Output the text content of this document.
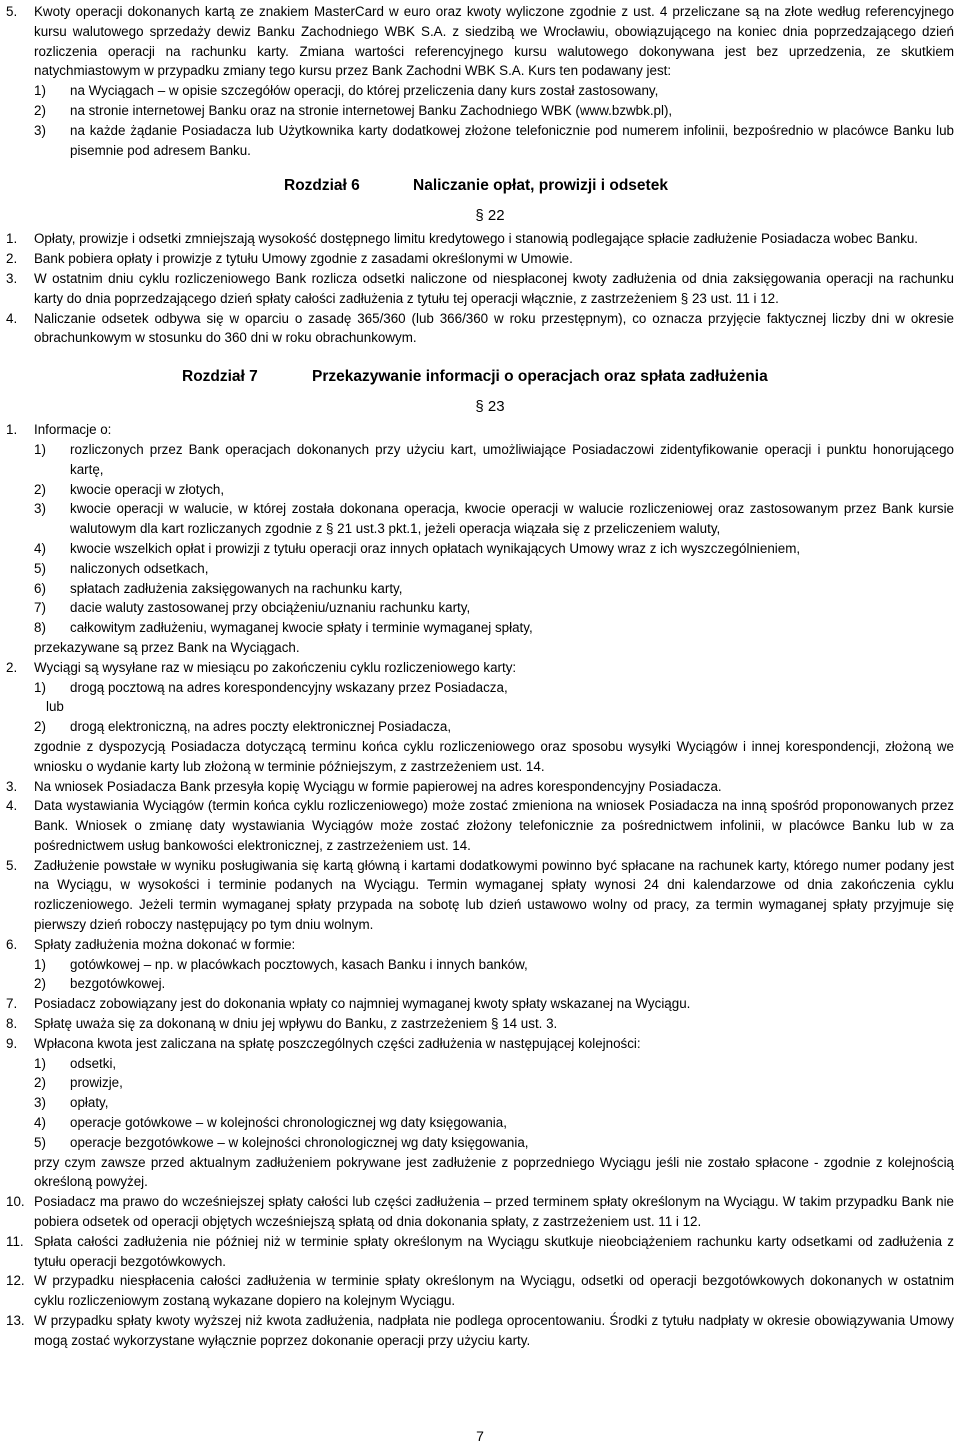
5. Kwoty operacji dokonanych kartą ze znakiem MasterCard w euro oraz kwoty wyliczone zgodnie z ust. 4 przeliczane są na złote według referencyjnego kursu walutowego sprzedaży dewiz Banku Zachodniego WBK S.A. z siedzibą we Wrocławiu, obowiązującego na koniec dnia poprzedzającego dzień rozliczenia operacji na rachunku karty. Zmiana wartości referencyjnego kursu walutowego dokonywana jest bez uprzedzenia, ze skutkiem natychmiastowym w przypadku zmiany tego kursu przez Bank Zachodni WBK S.A. Kurs ten podawany jest:
1) na Wyciągach – w opisie szczegółów operacji, do której przeliczenia dany kurs został zastosowany,
2) na stronie internetowej Banku oraz na stronie internetowej Banku Zachodniego WBK (www.bzwbk.pl),
3) na każde żądanie Posiadacza lub Użytkownika karty dodatkowej złożone telefonicznie pod numerem infolinii, bezpośrednio w placówce Banku lub pisemnie pod adresem Banku.
Rozdział 6	Naliczanie opłat, prowizji i odsetek
§ 22
1. Opłaty, prowizje i odsetki zmniejszają wysokość dostępnego limitu kredytowego i stanowią podlegające spłacie zadłużenie Posiadacza wobec Banku.
2. Bank pobiera opłaty i prowizje z tytułu Umowy zgodnie z zasadami określonymi w Umowie.
3. W ostatnim dniu cyklu rozliczeniowego Bank rozlicza odsetki naliczone od niespłaconej kwoty zadłużenia od dnia zaksięgowania operacji na rachunku karty do dnia poprzedzającego dzień spłaty całości zadłużenia z tytułu tej operacji włącznie, z zastrzeżeniem § 23 ust. 11 i 12.
4. Naliczanie odsetek odbywa się w oparciu o zasadę 365/360 (lub 366/360 w roku przestępnym), co oznacza przyjęcie faktycznej liczby dni w okresie obrachunkowym w stosunku do 360 dni w roku obrachunkowym.
Rozdział 7	Przekazywanie informacji o operacjach oraz spłata zadłużenia
§ 23
1. Informacje o:
1) rozliczonych przez Bank operacjach dokonanych przy użyciu kart, umożliwiające Posiadaczowi zidentyfikowanie operacji i punktu honorującego kartę,
2) kwocie operacji w złotych,
3) kwocie operacji w walucie, w której została dokonana operacja, kwocie operacji w walucie rozliczeniowej oraz zastosowanym przez Bank kursie walutowym dla kart rozliczanych zgodnie z § 21 ust.3 pkt.1, jeżeli operacja wiązała się z przeliczeniem waluty,
4) kwocie wszelkich opłat i prowizji z tytułu operacji oraz innych opłatach wynikających Umowy wraz z ich wyszczególnieniem,
5) naliczonych odsetkach,
6) spłatach zadłużenia zaksięgowanych na rachunku karty,
7) dacie waluty zastosowanej przy obciążeniu/uznaniu rachunku karty,
8) całkowitym zadłużeniu, wymaganej kwocie spłaty i terminie wymaganej spłaty,
przekazywane są przez Bank na Wyciągach.
2. Wyciągi są wysyłane raz w miesiącu po zakończeniu cyklu rozliczeniowego karty:
1) drogą pocztową na adres korespondencyjny wskazany przez Posiadacza,
lub
2) drogą elektroniczną, na adres poczty elektronicznej Posiadacza,
zgodnie z dyspozycją Posiadacza dotyczącą terminu końca cyklu rozliczeniowego oraz sposobu wysyłki Wyciągów i innej korespondencji, złożoną we wniosku o wydanie karty lub złożoną w terminie późniejszym, z zastrzeżeniem ust. 14.
3. Na wniosek Posiadacza Bank przesyła kopię Wyciągu w formie papierowej na adres korespondencyjny Posiadacza.
4. Data wystawiania Wyciągów (termin końca cyklu rozliczeniowego) może zostać zmieniona na wniosek Posiadacza na inną spośród proponowanych przez Bank. Wniosek o zmianę daty wystawiania Wyciągów może zostać złożony telefonicznie za pośrednictwem infolinii, w placówce Banku lub w za pośrednictwem usług bankowości elektronicznej, z zastrzeżeniem ust. 14.
5. Zadłużenie powstałe w wyniku posługiwania się kartą główną i kartami dodatkowymi powinno być spłacane na rachunek karty, którego numer podany jest na Wyciągu, w wysokości i terminie podanych na Wyciągu. Termin wymaganej spłaty wynosi 24 dni kalendarzowe od dnia zakończenia cyklu rozliczeniowego. Jeżeli termin wymaganej spłaty przypada na sobotę lub dzień ustawowo wolny od pracy, za termin wymaganej spłaty przyjmuje się pierwszy dzień roboczy następujący po tym dniu wolnym.
6. Spłaty zadłużenia można dokonać w formie:
1) gotówkowej – np. w placówkach pocztowych, kasach Banku i innych banków,
2) bezgotówkowej.
7. Posiadacz zobowiązany jest do dokonania wpłaty co najmniej wymaganej kwoty spłaty wskazanej na Wyciągu.
8. Spłatę uważa się za dokonaną w dniu jej wpływu do Banku, z zastrzeżeniem § 14 ust. 3.
9. Wpłacona kwota jest zaliczana na spłatę poszczególnych części zadłużenia w następującej kolejności:
1) odsetki,
2) prowizje,
3) opłaty,
4) operacje gotówkowe – w kolejności chronologicznej wg daty księgowania,
5) operacje bezgotówkowe – w kolejności chronologicznej wg daty księgowania,
przy czym zawsze przed aktualnym zadłużeniem pokrywane jest zadłużenie z poprzedniego Wyciągu jeśli nie zostało spłacone - zgodnie z kolejnością określoną powyżej.
10. Posiadacz ma prawo do wcześniejszej spłaty całości lub części zadłużenia – przed terminem spłaty określonym na Wyciągu. W takim przypadku Bank nie pobiera odsetek od operacji objętych wcześniejszą spłatą od dnia dokonania spłaty, z zastrzeżeniem ust. 11 i 12.
11. Spłata całości zadłużenia nie później niż w terminie spłaty określonym na Wyciągu skutkuje nieobciążeniem rachunku karty odsetkami od zadłużenia z tytułu operacji bezgotówkowych.
12. W przypadku niespłacenia całości zadłużenia w terminie spłaty określonym na Wyciągu, odsetki od operacji bezgotówkowych dokonanych w ostatnim cyklu rozliczeniowym zostaną wykazane dopiero na kolejnym Wyciągu.
13. W przypadku spłaty kwoty wyższej niż kwota zadłużenia, nadpłata nie podlega oprocentowaniu. Środki z tytułu nadpłaty w okresie obowiązywania Umowy mogą zostać wykorzystane wyłącznie poprzez dokonanie operacji przy użyciu karty.
7
